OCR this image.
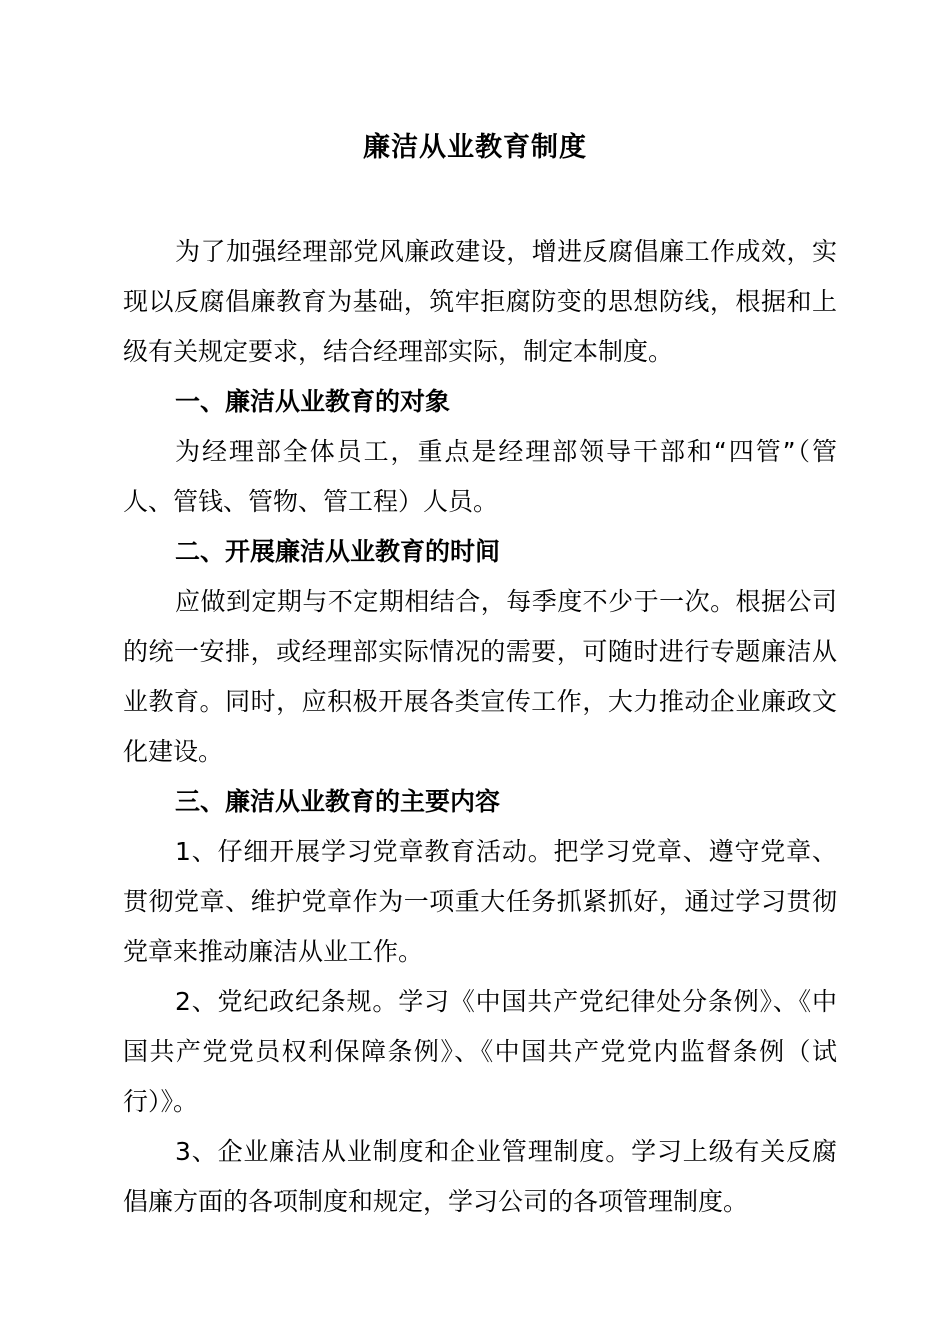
廉洁从业教育制度

为了加强经理部党风廉政建设，增进反腐倡廉工作成效，实现以反腐倡廉教育为基础，筑牢拒腐防变的思想防线，根据和上级有关规定要求，结合经理部实际，制定本制度。

一、廉洁从业教育的对象

为经理部全体员工，重点是经理部领导干部和“四管”（管人、管钱、管物、管工程）人员。

二、开展廉洁从业教育的时间

应做到定期与不定期相结合，每季度不少于一次。根据公司的统一安排，或经理部实际情况的需要，可随时进行专题廉洁从业教育。同时，应积极开展各类宣传工作，大力推动企业廉政文化建设。

三、廉洁从业教育的主要内容

1、仔细开展学习党章教育活动。把学习党章、遵守党章、贯彻党章、维护党章作为一项重大任务抓紧抓好，通过学习贯彻党章来推动廉洁从业工作。

2、党纪政纪条规。学习《中国共产党纪律处分条例》、《中国共产党党员权利保障条例》、《中国共产党党内监督条例（试行）》。

3、企业廉洁从业制度和企业管理制度。学习上级有关反腐倡廉方面的各项制度和规定，学习公司的各项管理制度。
